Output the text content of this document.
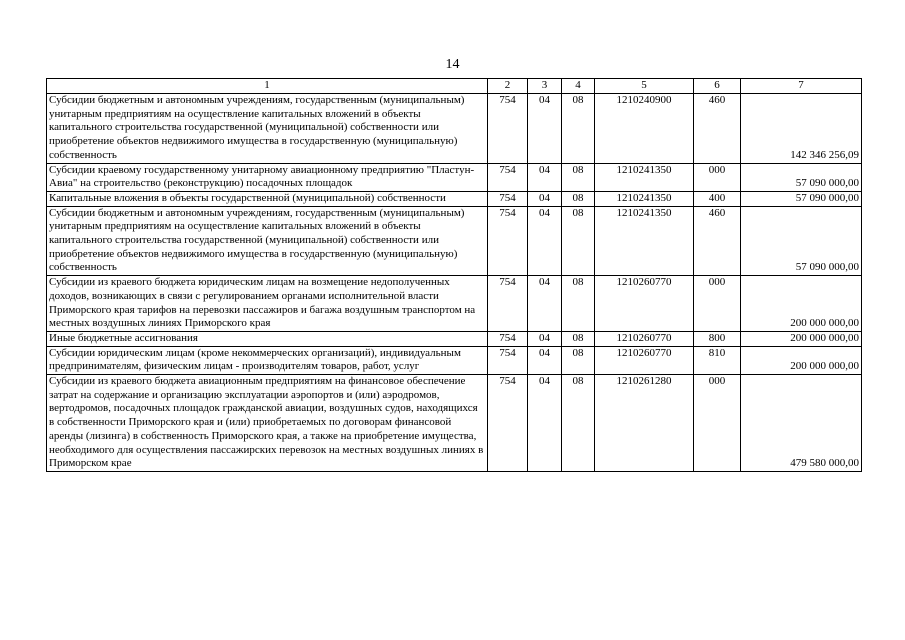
14
1	2	3	4	5	6	7
Субсидии бюджетным и автономным учреждениям, государственным (муниципальным) унитарным предприятиям на осуществление капитальных вложений в объекты капитального строительства государственной (муниципальной) собственности или приобретение объектов недвижимого имущества в государственную (муниципальную) собственность	754	04	08	1210240900	460	142 346 256,09
Субсидии краевому государственному унитарному авиационному предприятию "Пластун-Авиа" на строительство (реконструкцию) посадочных площадок	754	04	08	1210241350	000	57 090 000,00
Капитальные вложения в объекты государственной (муниципальной) собственности	754	04	08	1210241350	400	57 090 000,00
Субсидии бюджетным и автономным учреждениям, государственным (муниципальным) унитарным предприятиям на осуществление капитальных вложений в объекты капитального строительства государственной (муниципальной) собственности или приобретение объектов недвижимого имущества в государственную (муниципальную) собственность	754	04	08	1210241350	460	57 090 000,00
Субсидии из краевого бюджета юридическим лицам на возмещение недополученных доходов, возникающих в связи с регулированием органами исполнительной власти Приморского края тарифов на перевозки пассажиров и багажа воздушным транспортом на местных воздушных линиях Приморского края	754	04	08	1210260770	000	200 000 000,00
Иные бюджетные ассигнования	754	04	08	1210260770	800	200 000 000,00
Субсидии юридическим лицам (кроме некоммерческих организаций), индивидуальным предпринимателям, физическим лицам - производителям товаров, работ, услуг	754	04	08	1210260770	810	200 000 000,00
Субсидии из краевого бюджета авиационным предприятиям на финансовое обеспечение затрат на содержание и организацию эксплуатации аэропортов и (или) аэродромов, вертодромов, посадочных площадок гражданской авиации, воздушных судов, находящихся в собственности Приморского края и (или) приобретаемых по договорам финансовой аренды (лизинга) в собственность Приморского края, а также на приобретение имущества, необходимого для осуществления пассажирских перевозок на местных воздушных линиях в Приморском крае	754	04	08	1210261280	000	479 580 000,00
